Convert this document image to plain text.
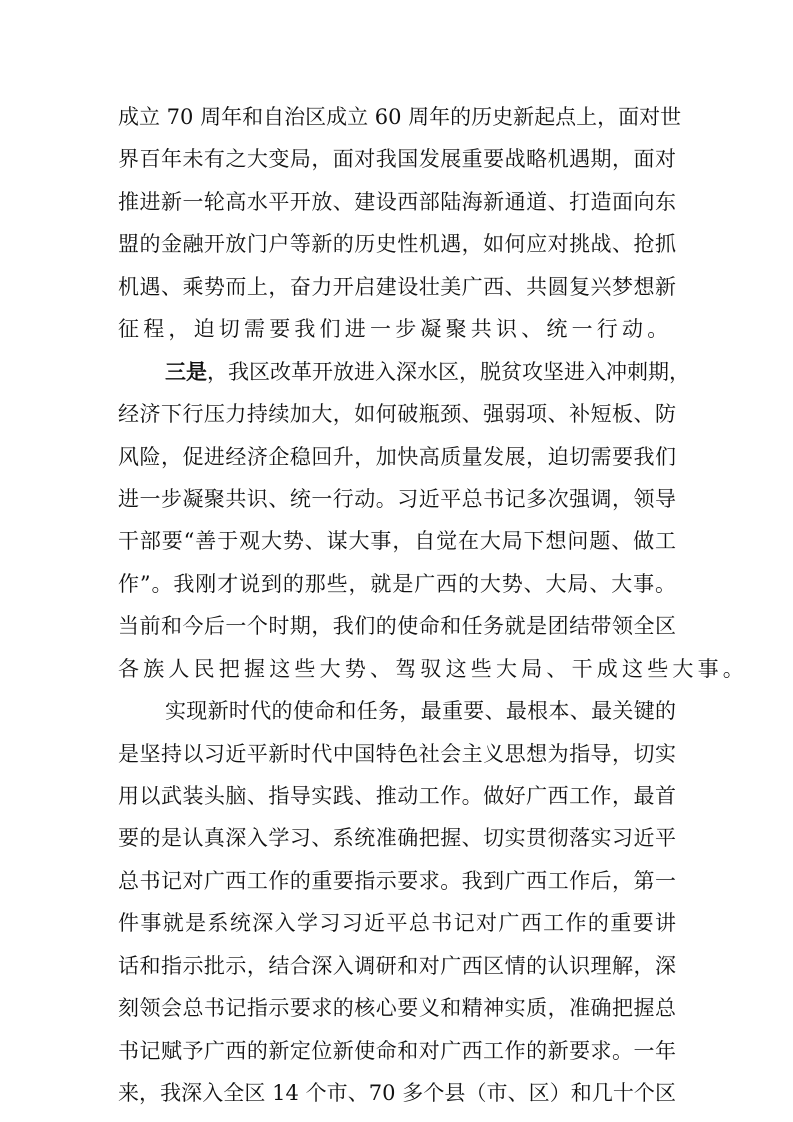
成立 70 周年和自治区成立 60 周年的历史新起点上，面对世
界百年未有之大变局，面对我国发展重要战略机遇期，面对
推进新一轮高水平开放、建设西部陆海新通道、打造面向东
盟的金融开放门户等新的历史性机遇，如何应对挑战、抢抓
机遇、乘势而上，奋力开启建设壮美广西、共圆复兴梦想新
征程，迫切需要我们进一步凝聚共识、统一行动。
三是，我区改革开放进入深水区，脱贫攻坚进入冲刺期，
经济下行压力持续加大，如何破瓶颈、强弱项、补短板、防
风险，促进经济企稳回升，加快高质量发展，迫切需要我们
进一步凝聚共识、统一行动。习近平总书记多次强调，领导
干部要“善于观大势、谋大事，自觉在大局下想问题、做工
作”。我刚才说到的那些，就是广西的大势、大局、大事。
当前和今后一个时期，我们的使命和任务就是团结带领全区
各族人民把握这些大势、驾驭这些大局、干成这些大事。
实现新时代的使命和任务，最重要、最根本、最关键的
是坚持以习近平新时代中国特色社会主义思想为指导，切实
用以武装头脑、指导实践、推动工作。做好广西工作，最首
要的是认真深入学习、系统准确把握、切实贯彻落实习近平
总书记对广西工作的重要指示要求。我到广西工作后，第一
件事就是系统深入学习习近平总书记对广西工作的重要讲
话和指示批示，结合深入调研和对广西区情的认识理解，深
刻领会总书记指示要求的核心要义和精神实质，准确把握总
书记赋予广西的新定位新使命和对广西工作的新要求。一年
来，我深入全区 14 个市、70 多个县（市、区）和几十个区
